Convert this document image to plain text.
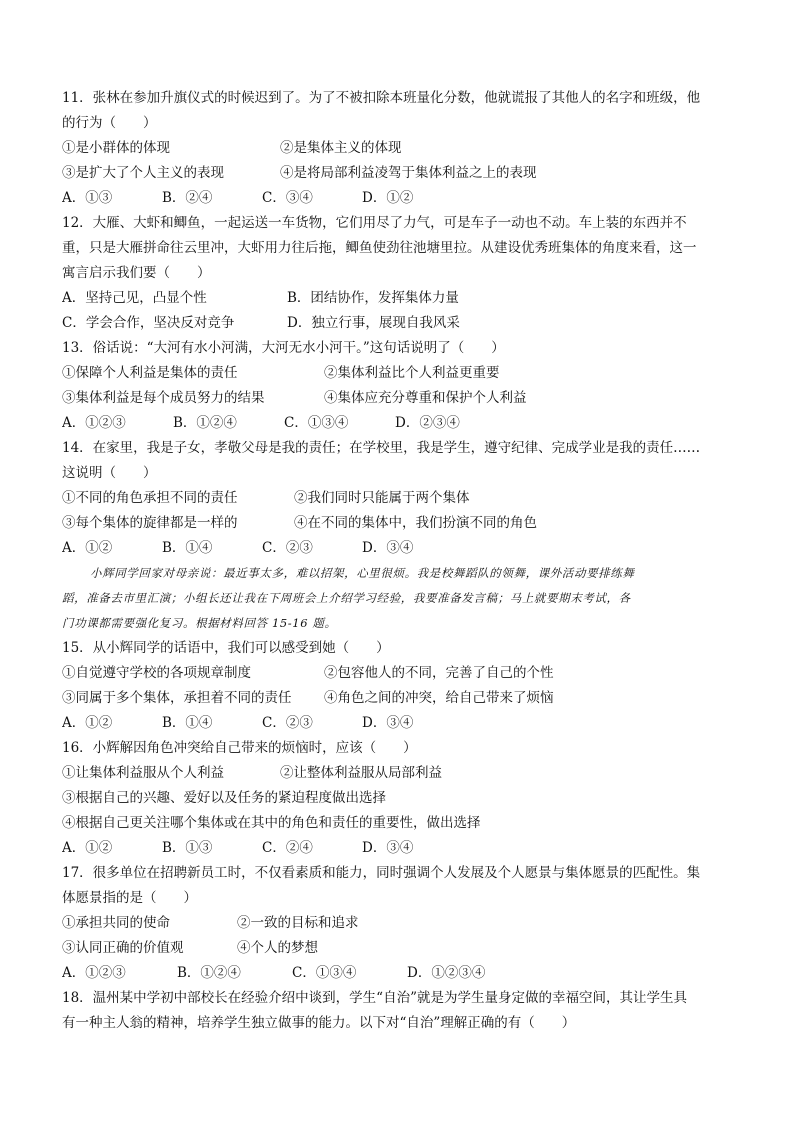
11．张林在参加升旗仪式的时候迟到了。为了不被扣除本班量化分数，他就谎报了其他人的名字和班级，他
的行为（　　）
①是小群体的体现	②是集体主义的体现
③是扩大了个人主义的表现	④是将局部利益凌驾于集体利益之上的表现
A．①③	B．②④	C．③④	D．①②
12．大雁、大虾和鲫鱼，一起运送一车货物，它们用尽了力气，可是车子一动也不动。车上装的东西并不
重，只是大雁拼命往云里冲，大虾用力往后拖，鲫鱼使劲往池塘里拉。从建设优秀班集体的角度来看，这一
寓言启示我们要（　　）
A．坚持己见，凸显个性	B．团结协作，发挥集体力量
C．学会合作，坚决反对竞争	D．独立行事，展现自我风采
13．俗话说：“大河有水小河满，大河无水小河干。”这句话说明了（　　）
①保障个人利益是集体的责任	②集体利益比个人利益更重要
③集体利益是每个成员努力的结果	④集体应充分尊重和保护个人利益
A．①②③	B．①②④	C．①③④	D．②③④
14．在家里，我是子女，孝敬父母是我的责任；在学校里，我是学生，遵守纪律、完成学业是我的责任……
这说明（　　）
①不同的角色承担不同的责任	②我们同时只能属于两个集体
③每个集体的旋律都是一样的	④在不同的集体中，我们扮演不同的角色
A．①②	B．①④	C．②③	D．③④
小辉同学回家对母亲说：最近事太多，难以招架，心里很烦。我是校舞蹈队的领舞，课外活动要排练舞
蹈，准备去市里汇演；小组长还让我在下周班会上介绍学习经验，我要准备发言稿；马上就要期末考试，各
门功课都需要强化复习。根据材料回答 15-16 题。
15．从小辉同学的话语中，我们可以感受到她（　　）
①自觉遵守学校的各项规章制度	②包容他人的不同，完善了自己的个性
③同属于多个集体，承担着不同的责任 ④角色之间的冲突，给自己带来了烦恼
A．①②	B．①④	C．②③	D．③④
16．小辉解因角色冲突给自己带来的烦恼时，应该（　　）
①让集体利益服从个人利益	②让整体利益服从局部利益
③根据自己的兴趣、爱好以及任务的紧迫程度做出选择
④根据自己更关注哪个集体或在其中的角色和责任的重要性，做出选择
A．①②	B．①③	C．②④	D．③④
17．很多单位在招聘新员工时，不仅看素质和能力，同时强调个人发展及个人愿景与集体愿景的匹配性。集
体愿景指的是（　　）
①承担共同的使命	②一致的目标和追求
③认同正确的价值观	④个人的梦想
A．①②③	B．①②④	C．①③④	D．①②③④
18．温州某中学初中部校长在经验介绍中谈到，学生“自治”就是为学生量身定做的幸福空间，其让学生具
有一种主人翁的精神，培养学生独立做事的能力。以下对“自治”理解正确的有（　　）
